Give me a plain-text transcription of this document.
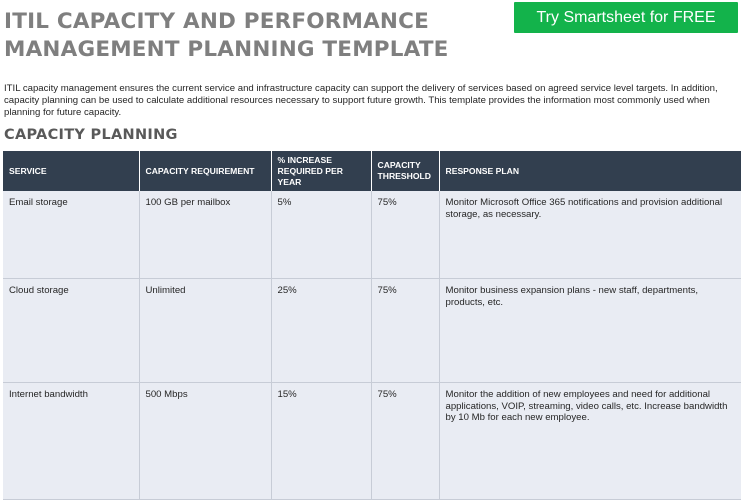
ITIL CAPACITY AND PERFORMANCE MANAGEMENT PLANNING TEMPLATE
Try Smartsheet for FREE
ITIL capacity management ensures the current service and infrastructure capacity can support the delivery of services based on agreed service level targets. In addition, capacity planning can be used to calculate additional resources necessary to support future growth. This template provides the information most commonly used when planning for future capacity.
CAPACITY PLANNING
SERVICE	CAPACITY REQUIREMENT	% INCREASE REQUIRED PER YEAR	CAPACITY THRESHOLD	RESPONSE PLAN
Email storage	100 GB per mailbox	5%	75%	Monitor Microsoft Office 365 notifications and provision additional storage, as necessary.
Cloud storage	Unlimited	25%	75%	Monitor business expansion plans - new staff, departments, products, etc.
Internet bandwidth	500 Mbps	15%	75%	Monitor the addition of new employees and need for additional applications, VOIP, streaming, video calls, etc. Increase bandwidth by 10 Mb for each new employee.
